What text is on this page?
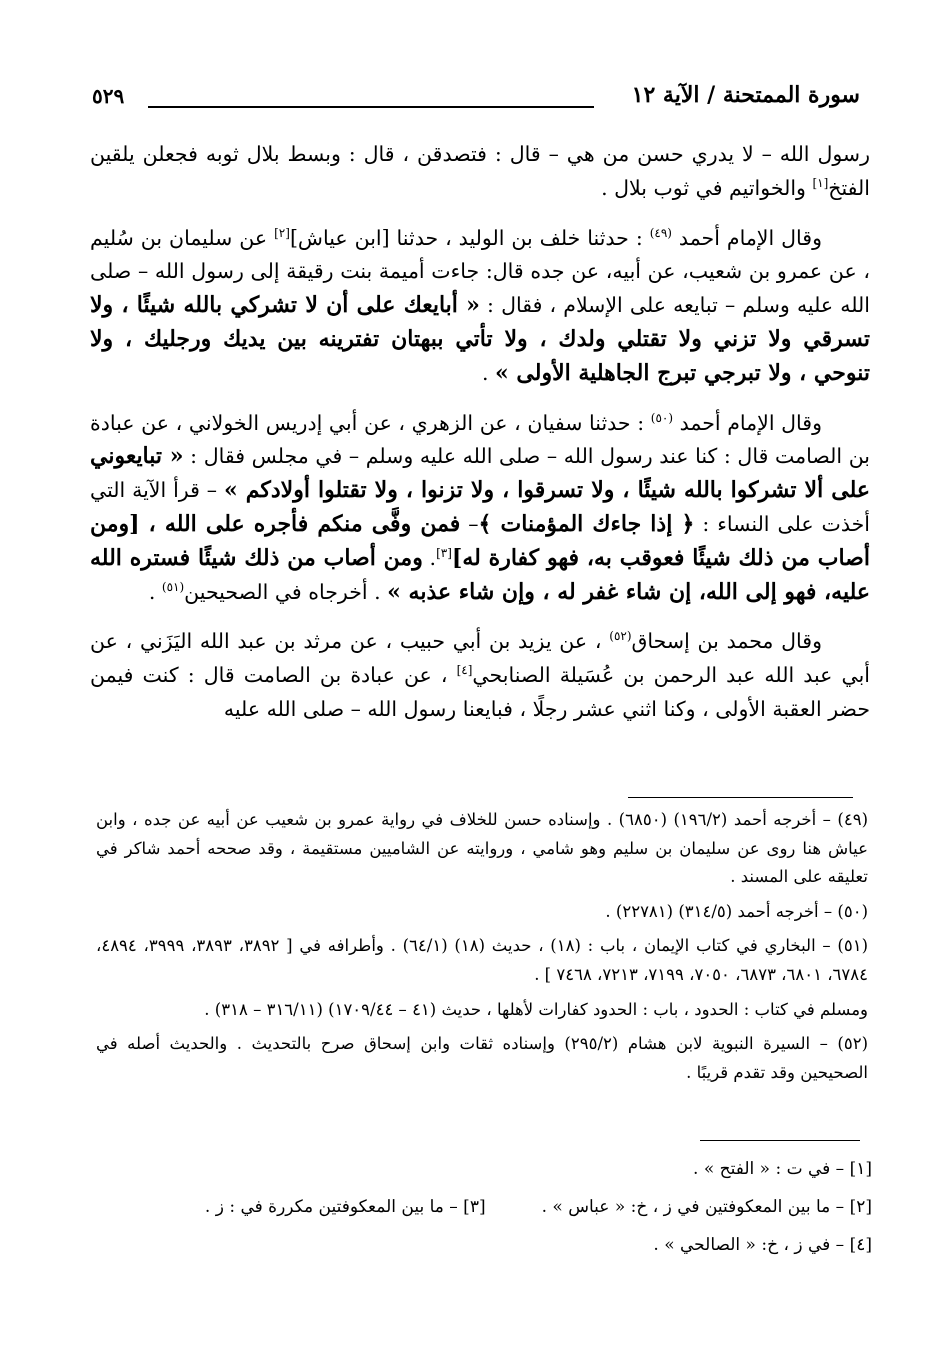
سورة الممتحنة / الآية ١٢
٥٢٩

رسول الله – لا يدري حسن من هي – قال : فتصدقن ، قال : وبسط بلال ثوبه فجعلن يلقين الفتخ[١] والخواتيم في ثوب بلال .

وقال الإمام أحمد $^{(٤٩)}$ : حدثنا خلف بن الوليد ، حدثنا [ابن عياش][٢] عن سليمان بن سُليم ، عن عمرو بن شعيب، عن أبيه، عن جده قال: جاءت أميمة بنت رقيقة إلى رسول الله – صلى الله عليه وسلم – تبايعه على الإسلام ، فقال : « أبايعك على أن لا تشركي بالله شيئًا ، ولا تسرقي ولا تزني ولا تقتلي ولدك ، ولا تأتي ببهتان تفترينه بين يديك ورجليك ، ولا تنوحي ، ولا تبرجي تبرج الجاهلية الأولى » .

وقال الإمام أحمد $^{(٥٠)}$ : حدثنا سفيان ، عن الزهري ، عن أبي إدريس الخولاني ، عن عبادة بن الصامت قال : كنا عند رسول الله – صلى الله عليه وسلم – في مجلس فقال : « تبايعوني على ألا تشركوا بالله شيئًا ، ولا تسرقوا ، ولا تزنوا ، ولا تقتلوا أولادكم » – قرأ الآية التي أخذت على النساء : ﴿ إذا جاءك المؤمنات ﴾– فمن وفَّى منكم فأجره على الله ، [ومن أصاب من ذلك شيئًا فعوقب به، فهو كفارة له][٣]. ومن أصاب من ذلك شيئًا فستره الله عليه، فهو إلى الله، إن شاء غفر له ، وإن شاء عذبه » . أخرجاه في الصحيحين$^{(٥١)}$ .

وقال محمد بن إسحاق$^{(٥٢)}$ ، عن يزيد بن أبي حبيب ، عن مرثد بن عبد الله اليَزَني ، عن أبي عبد الله عبد الرحمن بن عُسَيلة الصنابحي[٤] ، عن عبادة بن الصامت قال : كنت فيمن حضر العقبة الأولى ، وكنا اثني عشر رجلًا ، فبايعنا رسول الله – صلى الله عليه

(٤٩) – أخرجه أحمد (١٩٦/٢) (٦٨٥٠) . وإسناده حسن للخلاف في رواية عمرو بن شعيب عن أبيه عن جده ، وابن عياش هنا روى عن سليمان بن سليم وهو شامي ، وروايته عن الشاميين مستقيمة ، وقد صححه أحمد شاكر في تعليقه على المسند .

(٥٠) – أخرجه أحمد (٣١٤/٥) (٢٢٧٨١) .

(٥١) – البخاري في كتاب الإيمان ، باب : (١٨) ، حديث (١٨) (٦٤/١) . وأطرافه في [ ٣٨٩٢، ٣٨٩٣، ٣٩٩٩، ٤٨٩٤، ٦٧٨٤، ٦٨٠١، ٦٨٧٣، ٧٠٥٠، ٧١٩٩، ٧٢١٣، ٧٤٦٨ ] .

ومسلم في كتاب : الحدود ، باب : الحدود كفارات لأهلها ، حديث (٤١ – ١٧٠٩/٤٤) (٣١٦/١١ – ٣١٨) .

(٥٢) – السيرة النبوية لابن هشام (٢٩٥/٢) وإسناده ثقات وابن إسحاق صرح بالتحديث . والحديث أصله في الصحيحين وقد تقدم قريبًا .

[١] – في ت : « الفتح » .
[٢] – ما بين المعكوفتين في ز ، خ: « عباس » .
[٣] – ما بين المعكوفتين مكررة في : ز .
[٤] – في ز ، خ: « الصالحي » .
